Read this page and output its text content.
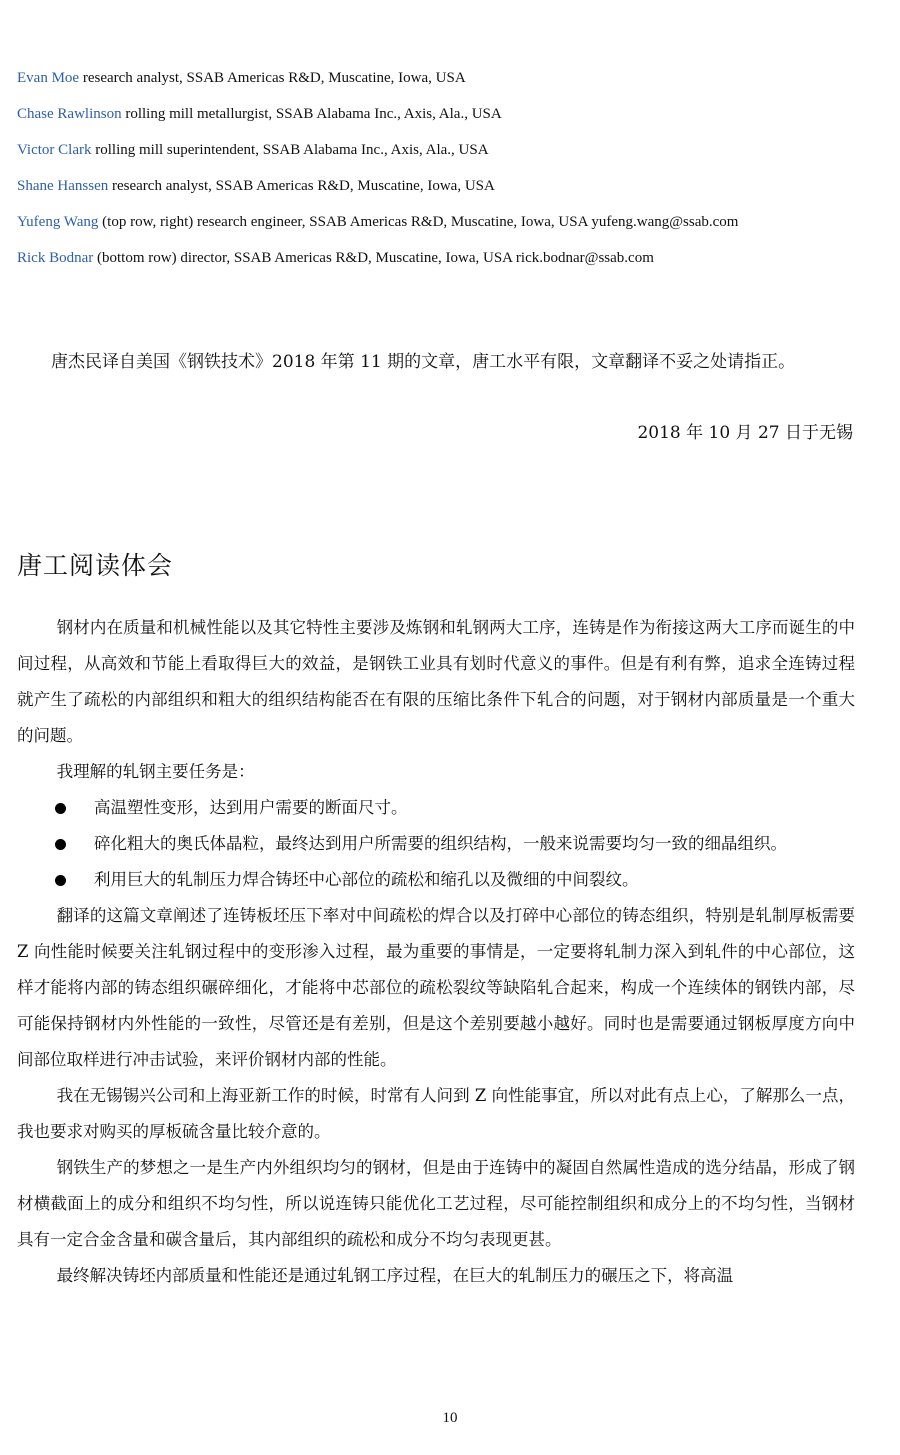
Evan Moe research analyst, SSAB Americas R&D, Muscatine, Iowa, USA
Chase Rawlinson rolling mill metallurgist, SSAB Alabama Inc., Axis, Ala., USA
Victor Clark rolling mill superintendent, SSAB Alabama Inc., Axis, Ala., USA
Shane Hanssen research analyst, SSAB Americas R&D, Muscatine, Iowa, USA
Yufeng Wang (top row, right) research engineer, SSAB Americas R&D, Muscatine, Iowa, USA yufeng.wang@ssab.com
Rick Bodnar (bottom row) director, SSAB Americas R&D, Muscatine, Iowa, USA rick.bodnar@ssab.com

唐杰民译自美国《钢铁技术》2018 年第 11 期的文章，唐工水平有限，文章翻译不妥之处请指正。

2018 年 10 月 27 日于无锡
唐工阅读体会

钢材内在质量和机械性能以及其它特性主要涉及炼钢和轧钢两大工序，连铸是作为衔接这两大工序而诞生的中间过程，从高效和节能上看取得巨大的效益，是钢铁工业具有划时代意义的事件。但是有利有弊，追求全连铸过程就产生了疏松的内部组织和粗大的组织结构能否在有限的压缩比条件下轧合的问题，对于钢材内部质量是一个重大的问题。

我理解的轧钢主要任务是：

高温塑性变形，达到用户需要的断面尺寸。
碎化粗大的奥氏体晶粒，最终达到用户所需要的组织结构，一般来说需要均匀一致的细晶组织。
利用巨大的轧制压力焊合铸坯中心部位的疏松和缩孔以及微细的中间裂纹。

翻译的这篇文章阐述了连铸板坯压下率对中间疏松的焊合以及打碎中心部位的铸态组织，特别是轧制厚板需要 Z 向性能时候要关注轧钢过程中的变形渗入过程，最为重要的事情是，一定要将轧制力深入到轧件的中心部位，这样才能将内部的铸态组织碾碎细化，才能将中芯部位的疏松裂纹等缺陷轧合起来，构成一个连续体的钢铁内部，尽可能保持钢材内外性能的一致性，尽管还是有差别，但是这个差别要越小越好。同时也是需要通过钢板厚度方向中间部位取样进行冲击试验，来评价钢材内部的性能。

我在无锡锡兴公司和上海亚新工作的时候，时常有人问到 Z 向性能事宜，所以对此有点上心，了解那么一点，我也要求对购买的厚板硫含量比较介意的。

钢铁生产的梦想之一是生产内外组织均匀的钢材，但是由于连铸中的凝固自然属性造成的选分结晶，形成了钢材横截面上的成分和组织不均匀性，所以说连铸只能优化工艺过程，尽可能控制组织和成分上的不均匀性，当钢材具有一定合金含量和碳含量后，其内部组织的疏松和成分不均匀表现更甚。

最终解决铸坯内部质量和性能还是通过轧钢工序过程，在巨大的轧制压力的碾压之下，将高温

10
